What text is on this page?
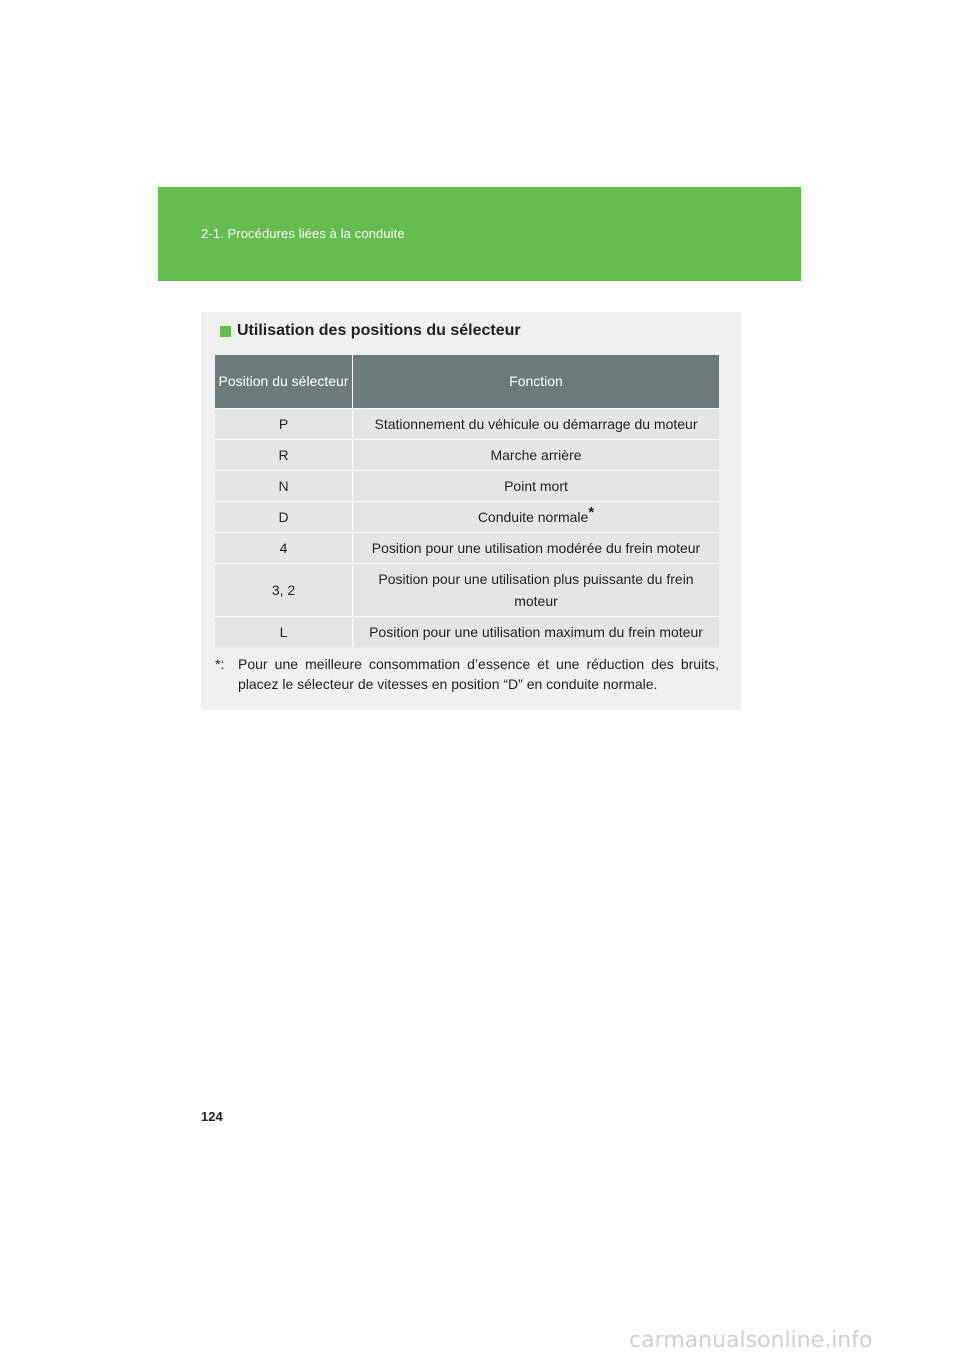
2-1. Procédures liées à la conduite
Utilisation des positions du sélecteur
Position du sélecteur	Fonction
P	Stationnement du véhicule ou démarrage du moteur
R	Marche arrière
N	Point mort
D	Conduite normale*
4	Position pour une utilisation modérée du frein moteur
3, 2	Position pour une utilisation plus puissante du frein moteur

L	Position pour une utilisation maximum du frein moteur
*: Pour une meilleure consommation d’essence et une réduction des bruits, placez le sélecteur de vitesses en position “D” en conduite normale.
124
carmanualsonline.info
